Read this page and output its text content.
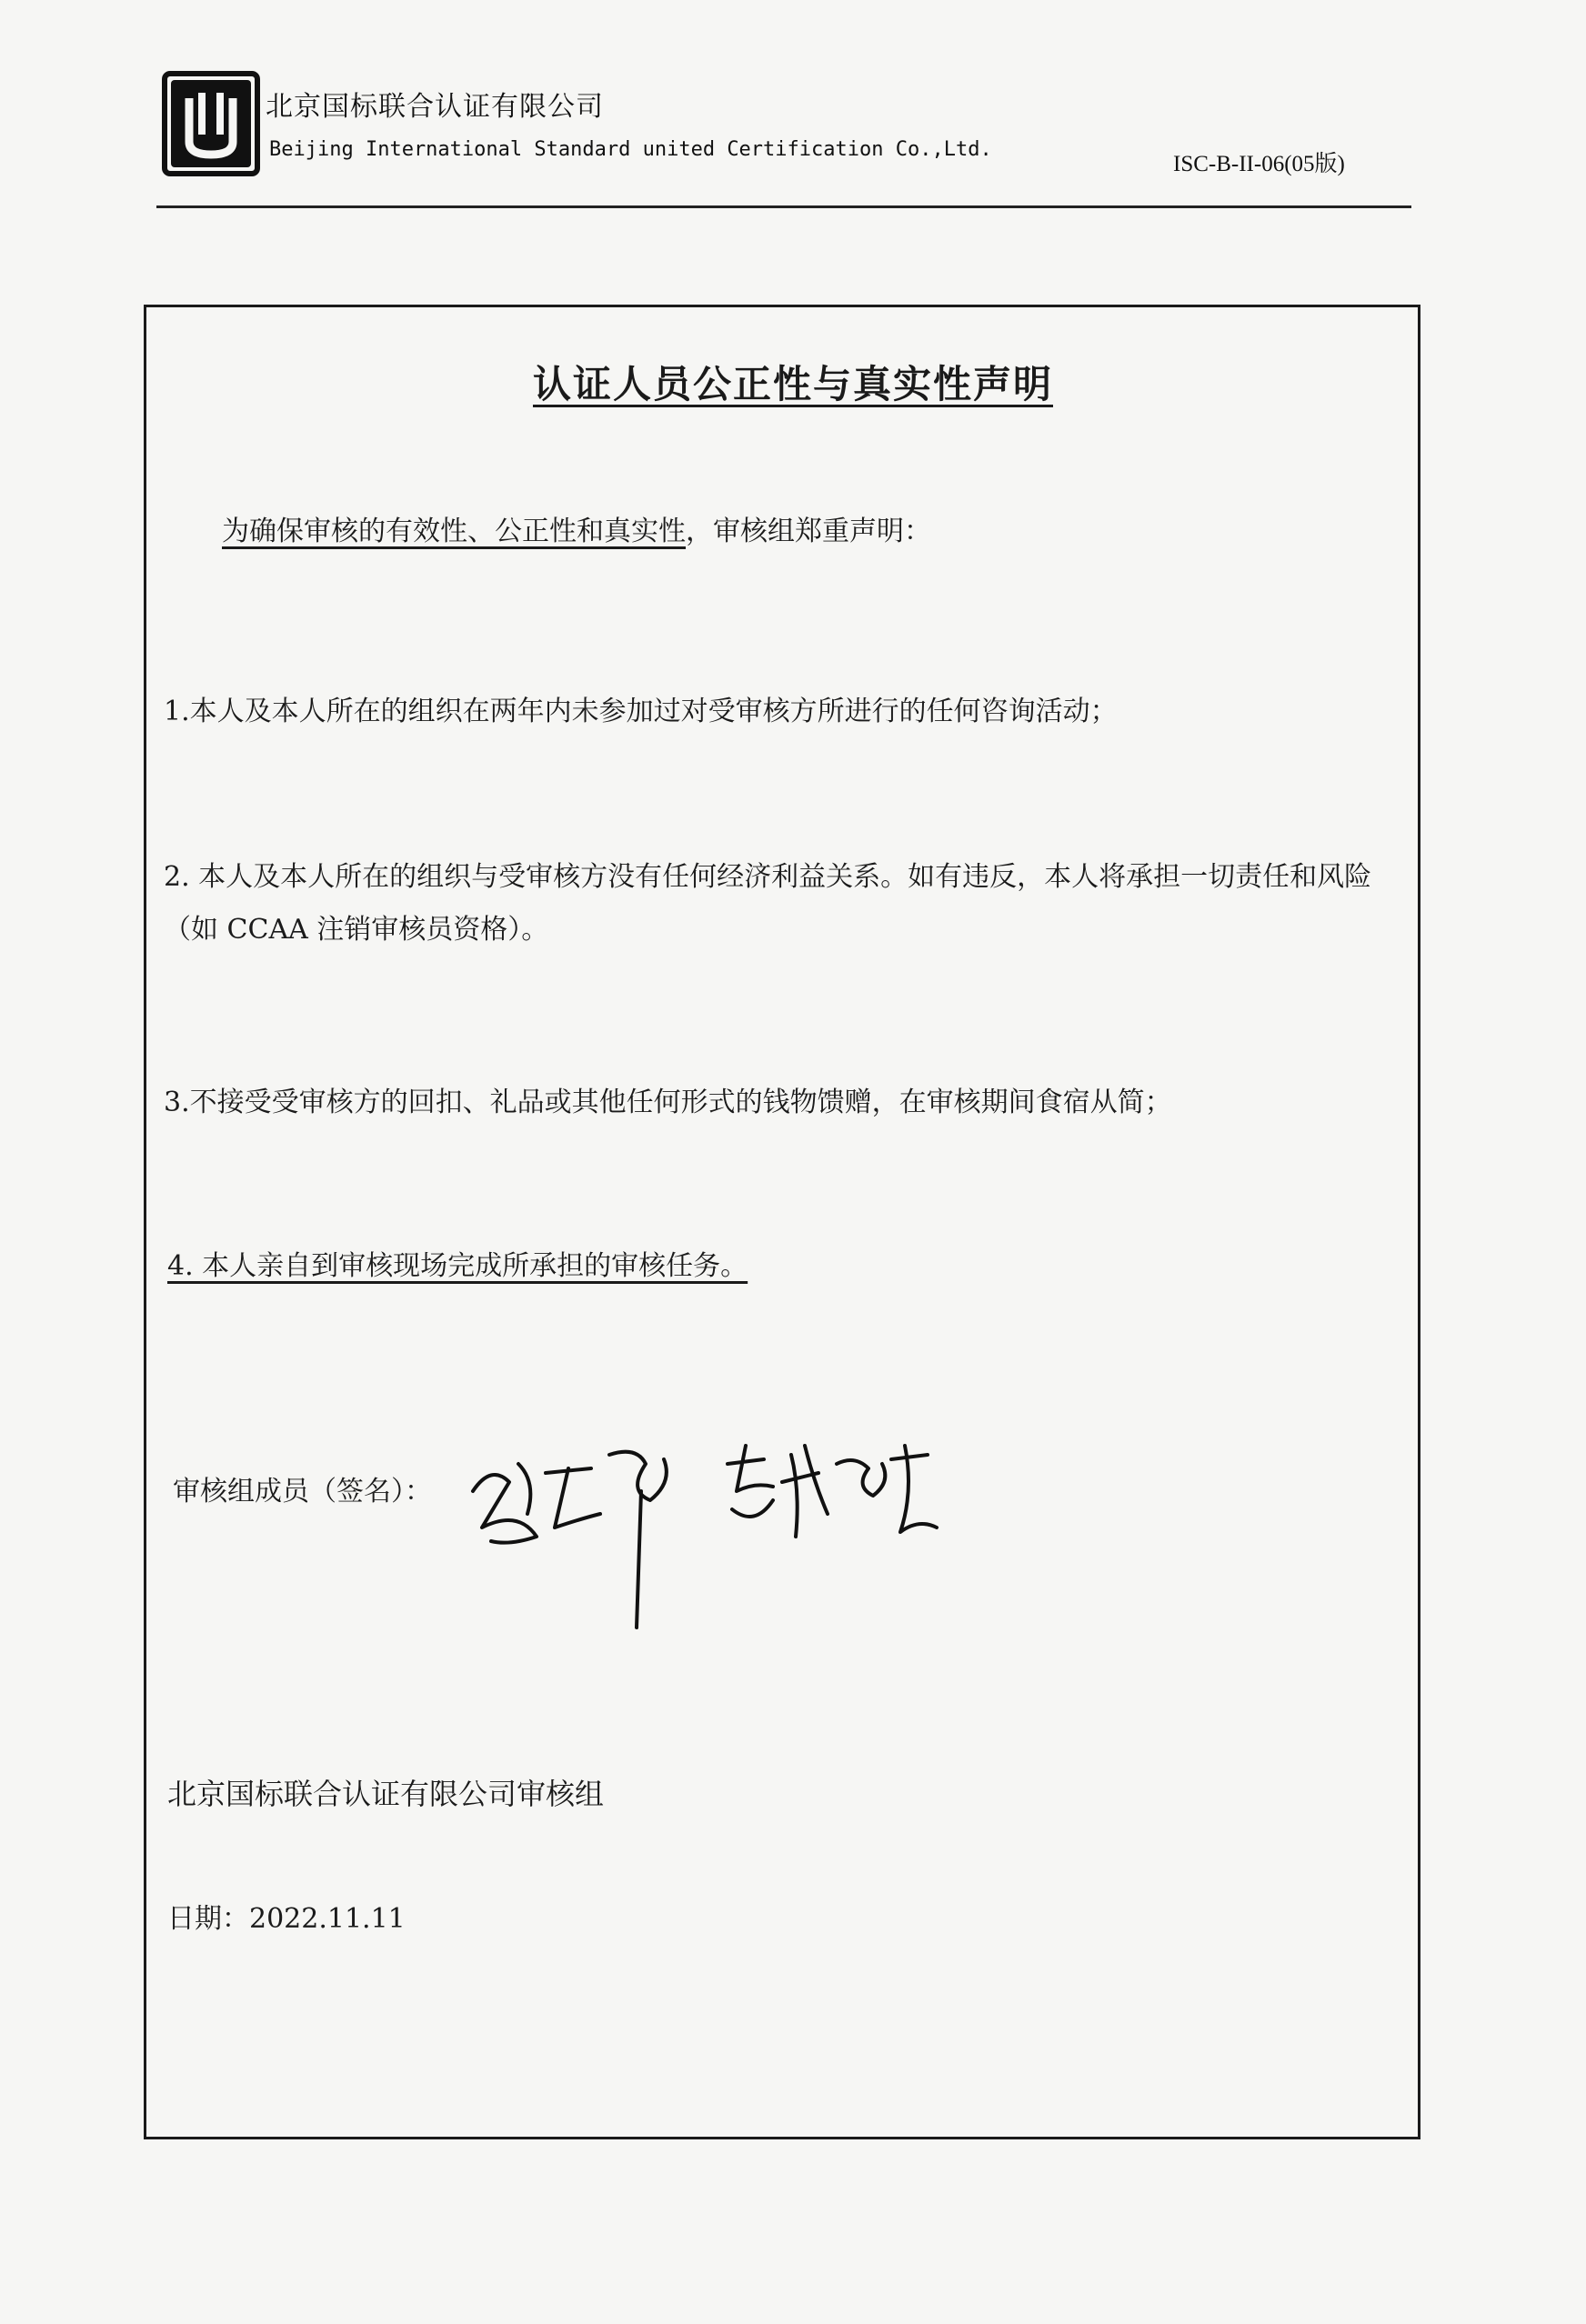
北京国标联合认证有限公司
Beijing International Standard united Certification Co.,Ltd.
ISC-B-II-06(05版)
认证人员公正性与真实性声明
为确保审核的有效性、公正性和真实性，审核组郑重声明：
1.本人及本人所在的组织在两年内未参加过对受审核方所进行的任何咨询活动；
2. 本人及本人所在的组织与受审核方没有任何经济利益关系。如有违反，本人将承担一切责任和风险（如 CCAA 注销审核员资格）。
3.不接受受审核方的回扣、礼品或其他任何形式的钱物馈赠，在审核期间食宿从简；
4. 本人亲自到审核现场完成所承担的审核任务。
审核组成员（签名）：
北京国标联合认证有限公司审核组
日期：2022.11.11
